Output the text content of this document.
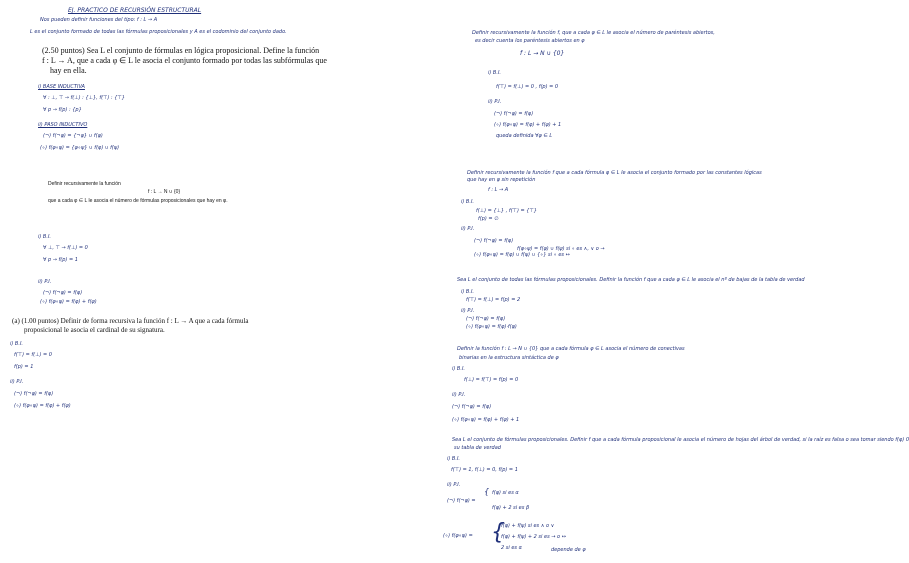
EJ. PRACTICO DE RECURSIÓN ESTRUCTURAL
Nos pueden definir funciones del tipo: f : L → A
L es el conjunto formado de todas las fórmulas proposicionales y A es el codominio del conjunto dado.
(2.50 puntos) Sea L el conjunto de fórmulas en lógica proposicional. Define la función
f : L → A, que a cada φ ∈ L le asocia el conjunto formado por todas las subfórmulas que
hay en ella.
i) BASE INDUCTIVA
∀ : ⊥, ⊤ → f(⊥) : {⊥}, f(⊤) : {⊤}
∀ p → f(p) : {p}
ii) PASO INDUCTIVO
(¬) f(¬φ) = {¬φ} ∪ f(φ)
(∘) f(φ∘ψ) = {φ∘ψ} ∪ f(φ) ∪ f(ψ)
Definir recursivamente la función
f : L → N ∪ {0}
que a cada φ ∈ L le asocia el número de fórmulas proposicionales que hay en φ.
i) B.I.
∀ ⊥, ⊤ → f(⊥) = 0
∀ p → f(p) = 1
ii) P.I.
(¬) f(¬φ) = f(φ)
(∘) f(φ∘ψ) = f(φ) + f(ψ)
(a) (1.00 puntos) Definir de forma recursiva la función f : L → A que a cada fórmula
proposicional le asocia el cardinal de su signatura.
i) B.I.
f(⊤) = f(⊥) = 0
f(p) = 1
ii) P.I.
(¬) f(¬φ) = f(φ)
(∘) f(φ∘ψ) = f(φ) + f(ψ)
Definir recursivamente la función f, que a cada φ ∈ L le asocia el número de paréntesis abiertos,
es decir cuenta los paréntesis abiertos en φ
f : L → N ∪ {0}
i) B.I.
f(⊤) = f(⊥) = 0 , f(p) = 0
ii) P.I.
(¬) f(¬φ) = f(φ)
(∘) f(φ∘ψ) = f(φ) + f(ψ) + 1
queda definida ∀φ ∈ L
Definir recursivamente la función f que a cada fórmula φ ∈ L le asocia el conjunto formado por las constantes lógicas
que hay en φ sin repetición
f : L → A
i) B.I.
f(⊥) = {⊥} , f(⊤) = {⊤}
f(p) = ∅
ii) P.I.
(¬) f(¬φ) = f(φ)
f(φ∘ψ) = f(φ) ∪ f(ψ) si ∘ es ∧, ∨ o →
(∘) f(φ∘ψ) = f(φ) ∪ f(ψ) ∪ {∘} si ∘ es ↔
Sea L el conjunto de todas las fórmulas proposicionales. Definir la función f que a cada φ ∈ L le asocia el nº de bajas de la tabla de verdad
i) B.I.
f(⊤) = f(⊥) = f(p) = 2
ii) P.I.
(¬) f(¬φ) = f(φ)
(∘) f(φ∘ψ) = f(φ)·f(ψ)
Definir la función f : L → N ∪ {0} que a cada fórmula φ ∈ L asocia el número de conectivas
binarias en la estructura sintáctica de φ
i) B.I.
f(⊥) = f(⊤) = f(p) = 0
ii) P.I.
(¬) f(¬φ) = f(φ)
(∘) f(φ∘ψ) = f(φ) + f(ψ) + 1
Sea L el conjunto de fórmulas proposicionales. Definir f que a cada fórmula proposicional le asocia el número de hojas del árbol de verdad, si la raíz es falsa o sea tomar siendo f(φ) 0
su tabla de verdad
i) B.I.
f(⊤) = 1, f(⊥) = 0, f(p) = 1
ii) P.I.
f(φ) si es α
(¬) f(¬φ) =
f(φ) + 2 si es β
{
f(φ) + f(ψ) si es ∧ o ∨
(∘) f(φ∘ψ) =	f(φ) + f(ψ) + 2 si es → o ↔
2 si es α	depende de φ
{
